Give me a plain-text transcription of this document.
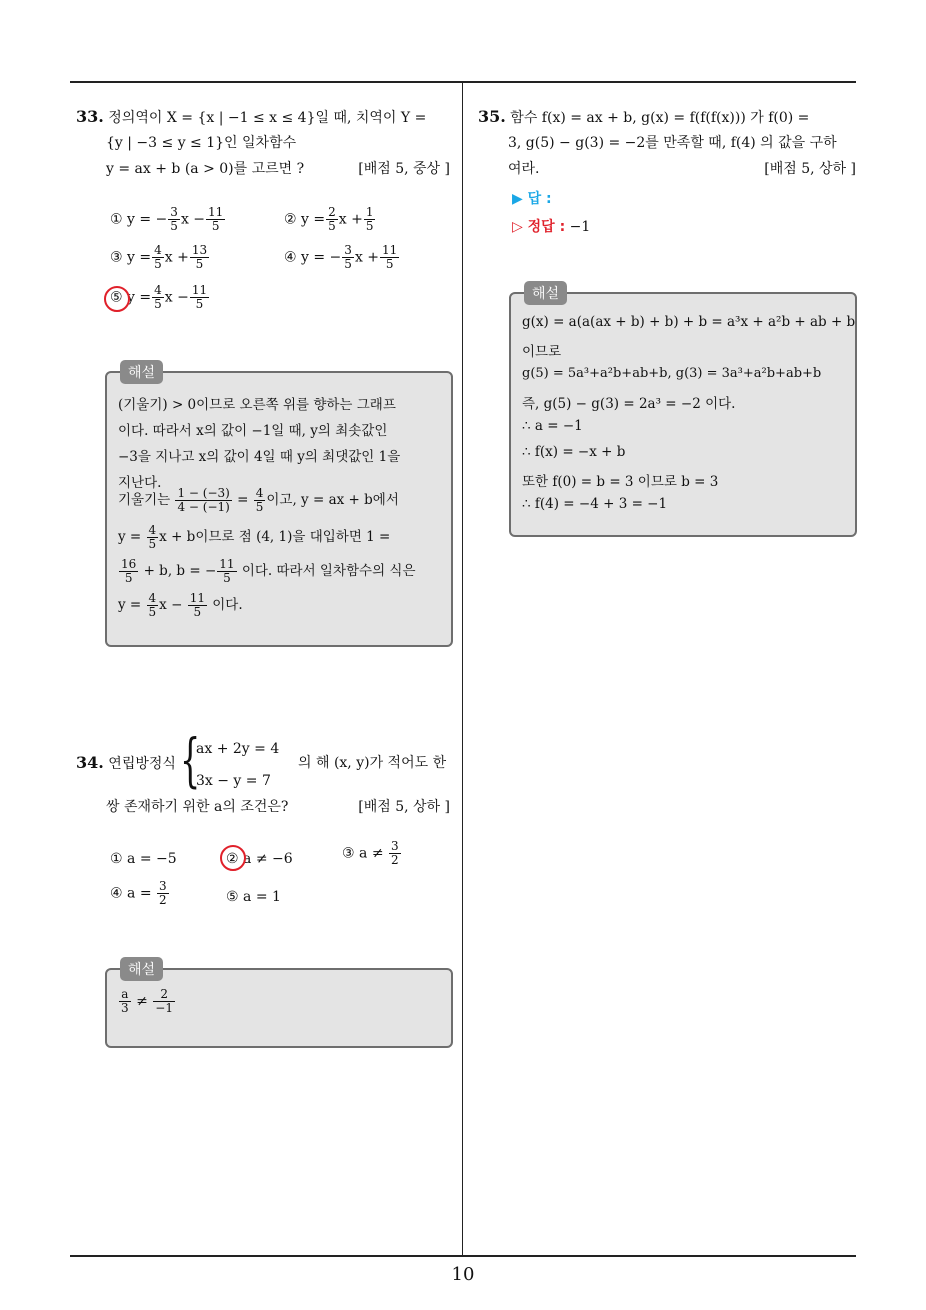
10
33. 정의역이 X = {x | −1 ≤ x ≤ 4}일 때, 치역이 Y =
{y | −3 ≤ y ≤ 1}인 일차함수
y = ax + b (a > 0)를 고르면 ?	[배점 5, 중상 ]
① y = − $\frac{3}{5}$ $x - \frac{11}{5}$	② $y = \frac{2}{5}$ $x + \frac{1}{5}$
③ $y = \frac{4}{5}$ $x + \frac{13}{5}$	④ y = − $\frac{3}{5}$ $x + \frac{11}{5}$
⑤ $y = \frac{4}{5}$ $x - \frac{11}{5}$
해설
(기울기) > 0이므로 오른쪽 위를 향하는 그래프
이다. 따라서 x의 값이 −1일 때, y의 최솟값인
−3을 지나고 x의 값이 4일 때 y의 최댓값인 1을
지난다.
기울기는 $\frac{1 - (-3)}{4 - (-1)} = \frac{4}{5}$ 이고, y = ax + b에서
$y = \frac{4}{5}$ x + b이므로 점 (4, 1)을 대입하면 1 =
$\frac{16}{5} + b$, b = − $\frac{11}{5}$ 이다. 따라서 일차함수의 식은
$y = \frac{4}{5}$ $x - \frac{11}{5}$ 이다.
34. 연립방정식 {
ax + 2y = 4
3x − y = 7
의 해 (x, y)가 적어도 한
쌍 존재하기 위한 a의 조건은?	[배점 5, 상하 ]
① a = −5	② a ≠ −6	③ $a \ne \frac{3}{2}$
④ $a = \frac{3}{2}$	⑤ a = 1
해설
$\frac{a}{3} \ne \frac{2}{-1}$
35. 함수 f(x) = ax + b, g(x) = f(f(f(x))) 가 f(0) =
3, g(5) − g(3) = −2를 만족할 때, f(4) 의 값을 구하
여라.	[배점 5, 상하 ]
▶ 답 :
▷ 정답 : −1
해설
g(x) = a(a(ax + b) + b) + b = a³x + a²b + ab + b
이므로
g(5) = 5a³+a²b+ab+b, g(3) = 3a³+a²b+ab+b
즉, g(5) − g(3) = 2a³ = −2 이다.
∴ a = −1
∴ f(x) = −x + b
또한 f(0) = b = 3 이므로 b = 3
∴ f(4) = −4 + 3 = −1
